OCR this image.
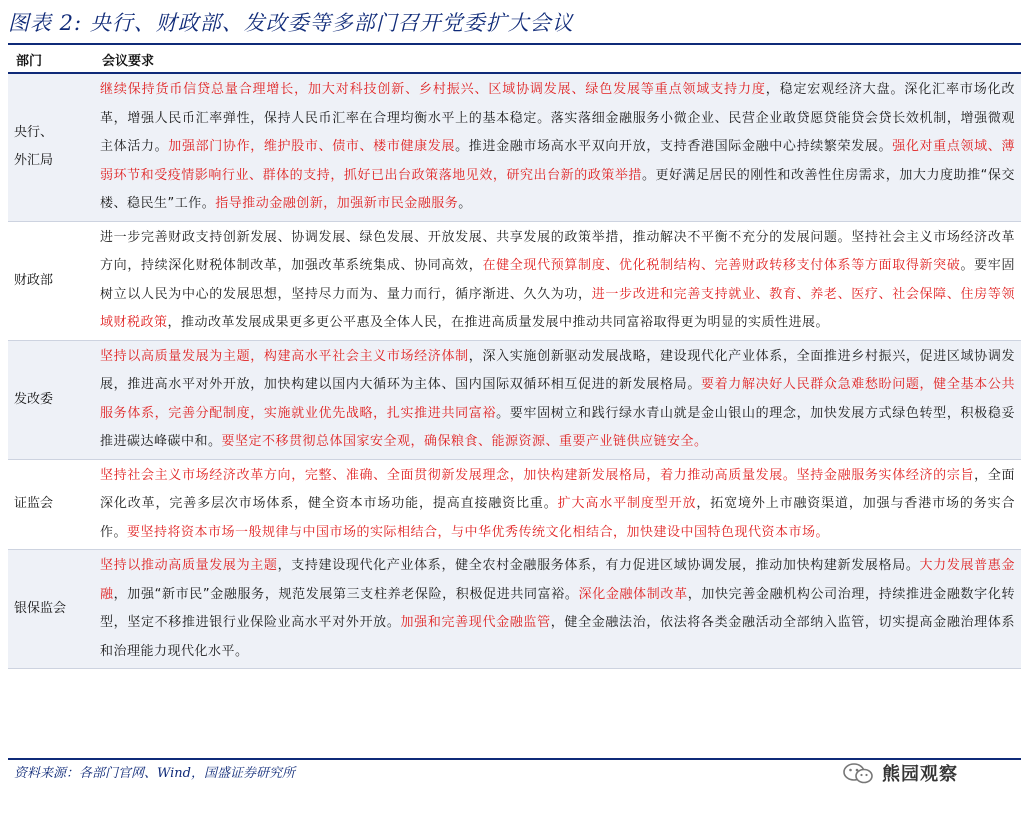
图表 2: 央行、财政部、发改委等多部门召开党委扩大会议
部门	会议要求
央行、
外汇局	继续保持货币信贷总量合理增长，加大对科技创新、乡村振兴、区域协调发展、绿色发展等重点领域支持力度，稳定宏观经济大盘。深化汇率市场化改革，增强人民币汇率弹性，保持人民币汇率在合理均衡水平上的基本稳定。落实落细金融服务小微企业、民营企业敢贷愿贷能贷会贷长效机制，增强微观主体活力。加强部门协作，维护股市、债市、楼市健康发展。推进金融市场高水平双向开放，支持香港国际金融中心持续繁荣发展。强化对重点领域、薄弱环节和受疫情影响行业、群体的支持，抓好已出台政策落地见效，研究出台新的政策举措。更好满足居民的刚性和改善性住房需求，加大力度助推“保交楼、稳民生”工作。指导推动金融创新，加强新市民金融服务。
财政部	进一步完善财政支持创新发展、协调发展、绿色发展、开放发展、共享发展的政策举措，推动解决不平衡不充分的发展问题。坚持社会主义市场经济改革方向，持续深化财税体制改革，加强改革系统集成、协同高效，在健全现代预算制度、优化税制结构、完善财政转移支付体系等方面取得新突破。要牢固树立以人民为中心的发展思想，坚持尽力而为、量力而行，循序渐进、久久为功，进一步改进和完善支持就业、教育、养老、医疗、社会保障、住房等领域财税政策，推动改革发展成果更多更公平惠及全体人民，在推进高质量发展中推动共同富裕取得更为明显的实质性进展。
发改委	坚持以高质量发展为主题，构建高水平社会主义市场经济体制，深入实施创新驱动发展战略，建设现代化产业体系，全面推进乡村振兴，促进区域协调发展，推进高水平对外开放，加快构建以国内大循环为主体、国内国际双循环相互促进的新发展格局。要着力解决好人民群众急难愁盼问题，健全基本公共服务体系，完善分配制度，实施就业优先战略，扎实推进共同富裕。要牢固树立和践行绿水青山就是金山银山的理念，加快发展方式绿色转型，积极稳妥推进碳达峰碳中和。要坚定不移贯彻总体国家安全观，确保粮食、能源资源、重要产业链供应链安全。
证监会	坚持社会主义市场经济改革方向，完整、准确、全面贯彻新发展理念，加快构建新发展格局，着力推动高质量发展。坚持金融服务实体经济的宗旨，全面深化改革，完善多层次市场体系，健全资本市场功能，提高直接融资比重。扩大高水平制度型开放，拓宽境外上市融资渠道，加强与香港市场的务实合作。要坚持将资本市场一般规律与中国市场的实际相结合，与中华优秀传统文化相结合，加快建设中国特色现代资本市场。
银保监会	坚持以推动高质量发展为主题，支持建设现代化产业体系，健全农村金融服务体系，有力促进区域协调发展，推动加快构建新发展格局。大力发展普惠金融，加强“新市民”金融服务，规范发展第三支柱养老保险，积极促进共同富裕。深化金融体制改革，加快完善金融机构公司治理，持续推进金融数字化转型，坚定不移推进银行业保险业高水平对外开放。加强和完善现代金融监管，健全金融法治，依法将各类金融活动全部纳入监管，切实提高金融治理体系和治理能力现代化水平。
资料来源：各部门官网、Wind，国盛证券研究所	熊园观察
